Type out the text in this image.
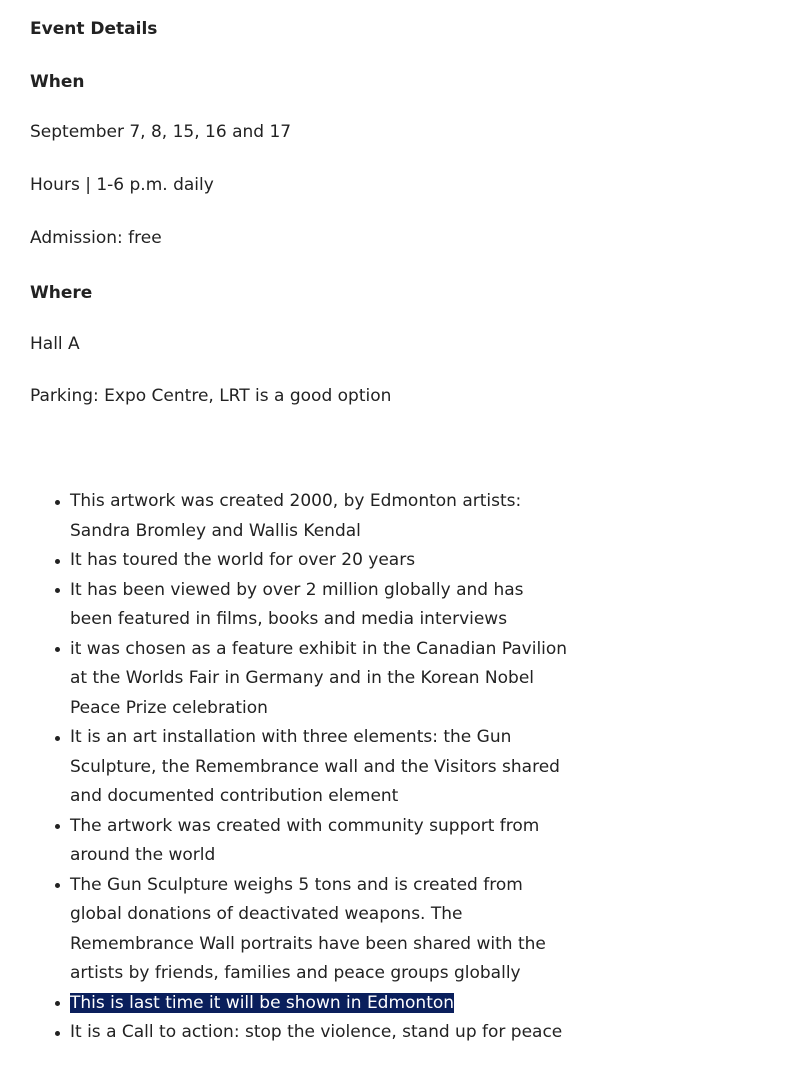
Event Details

When

September 7, 8, 15, 16 and 17

Hours | 1-6 p.m. daily

Admission: free

Where

Hall A

Parking: Expo Centre, LRT is a good option

This artwork was created 2000, by Edmonton artists: Sandra Bromley and Wallis Kendal
It has toured the world for over 20 years
It has been viewed by over 2 million globally and has been featured in films, books and media interviews
it was chosen as a feature exhibit in the Canadian Pavilion at the Worlds Fair in Germany and in the Korean Nobel Peace Prize celebration
It is an art installation with three elements: the Gun Sculpture, the Remembrance wall and the Visitors shared and documented contribution element
The artwork was created with community support from around the world
The Gun Sculpture weighs 5 tons and is created from global donations of deactivated weapons. The Remembrance Wall portraits have been shared with the artists by friends, families and peace groups globally
This is last time it will be shown in Edmonton
It is a Call to action: stop the violence, stand up for peace
